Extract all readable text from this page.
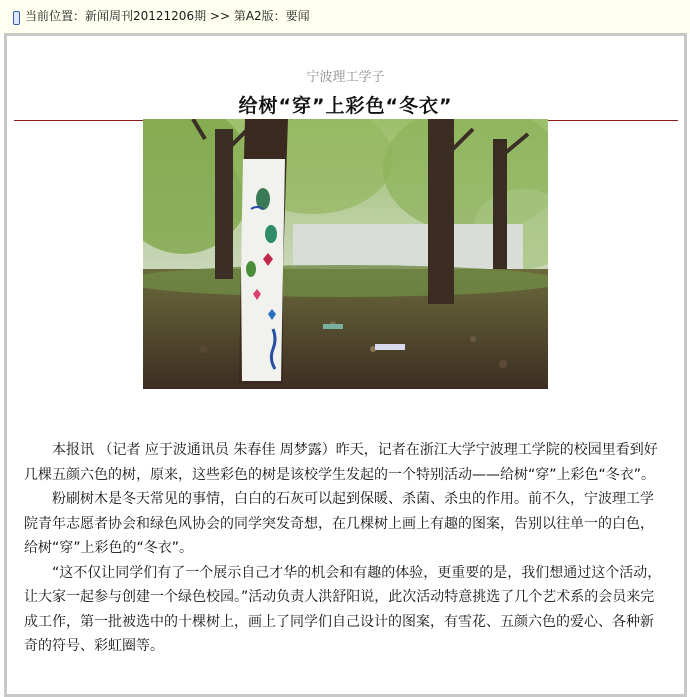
当前位置：新闻周刊20121206期 >> 第A2版：要闻
宁波理工学子
给树“穿”上彩色“冬衣”

本报讯 （记者 应于波通讯员 朱春佳 周梦露）昨天，记者在浙江大学宁波理工学院的校园里看到好几棵五颜六色的树，原来，这些彩色的树是该校学生发起的一个特别活动——给树“穿”上彩色“冬衣”。

粉刷树木是冬天常见的事情，白白的石灰可以起到保暖、杀菌、杀虫的作用。前不久，宁波理工学院青年志愿者协会和绿色风协会的同学突发奇想，在几棵树上画上有趣的图案，告别以往单一的白色，给树“穿”上彩色的“冬衣”。

“这不仅让同学们有了一个展示自己才华的机会和有趣的体验，更重要的是，我们想通过这个活动，让大家一起参与创建一个绿色校园。”活动负责人洪舒阳说，此次活动特意挑选了几个艺术系的会员来完成工作，第一批被选中的十棵树上，画上了同学们自己设计的图案，有雪花、五颜六色的爱心、各种新奇的符号、彩虹圈等。
